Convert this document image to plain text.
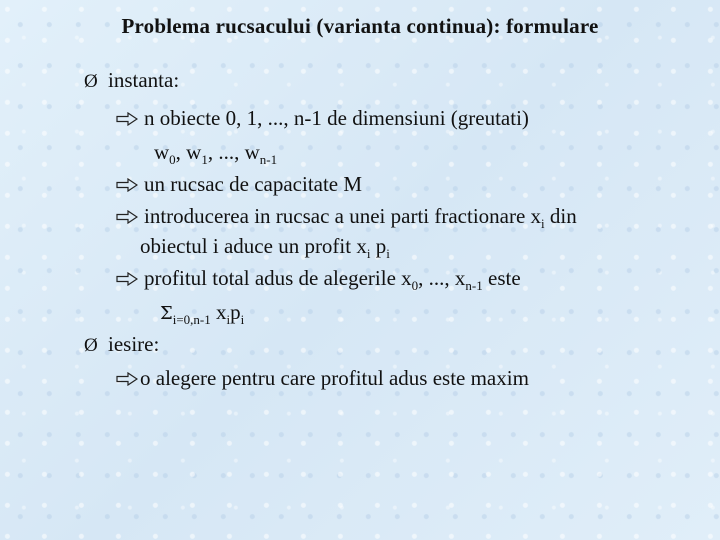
Problema rucsacului (varianta continua): formulare
Ø instanta:
n obiecte 0, 1, ..., n-1 de dimensiuni (greutati)
$w_0$, $w_1$, ..., $w_{n-1}$
un rucsac de capacitate M
introducerea in rucsac a unei parti fractionare $x_i$ din
obiectul i aduce un profit $x_i$ $p_i$
profitul total adus de alegerile $x_0$, ..., $x_{n-1}$ este
$\Sigma_{i=0,n-1}$ $x_ip_i$
Ø iesire:
o alegere pentru care profitul adus este maxim
